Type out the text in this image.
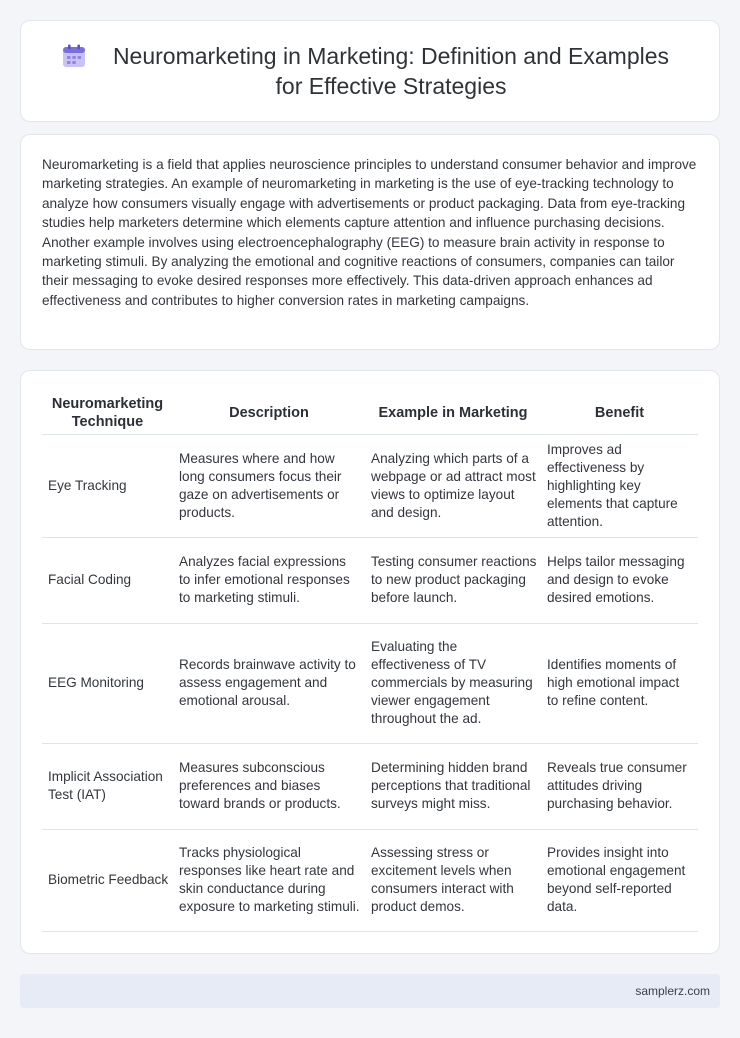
Neuromarketing in Marketing: Definition and Examples for Effective Strategies

Neuromarketing is a field that applies neuroscience principles to understand consumer behavior and improve marketing strategies. An example of neuromarketing in marketing is the use of eye-tracking technology to analyze how consumers visually engage with advertisements or product packaging. Data from eye-tracking studies help marketers determine which elements capture attention and influence purchasing decisions. Another example involves using electroencephalography (EEG) to measure brain activity in response to marketing stimuli. By analyzing the emotional and cognitive reactions of consumers, companies can tailor their messaging to evoke desired responses more effectively. This data-driven approach enhances ad effectiveness and contributes to higher conversion rates in marketing campaigns.

Neuromarketing Technique	Description	Example in Marketing	Benefit
Eye Tracking	Measures where and how long consumers focus their gaze on advertisements or products.	Analyzing which parts of a webpage or ad attract most views to optimize layout and design.	Improves ad effectiveness by highlighting key elements that capture attention.
Facial Coding	Analyzes facial expressions to infer emotional responses to marketing stimuli.	Testing consumer reactions to new product packaging before launch.	Helps tailor messaging and design to evoke desired emotions.
EEG Monitoring	Records brainwave activity to assess engagement and emotional arousal.	Evaluating the effectiveness of TV commercials by measuring viewer engagement throughout the ad.	Identifies moments of high emotional impact to refine content.
Implicit Association Test (IAT)	Measures subconscious preferences and biases toward brands or products.	Determining hidden brand perceptions that traditional surveys might miss.	Reveals true consumer attitudes driving purchasing behavior.
Biometric Feedback	Tracks physiological responses like heart rate and skin conductance during exposure to marketing stimuli.	Assessing stress or excitement levels when consumers interact with product demos.	Provides insight into emotional engagement beyond self-reported data.
samplerz.com
